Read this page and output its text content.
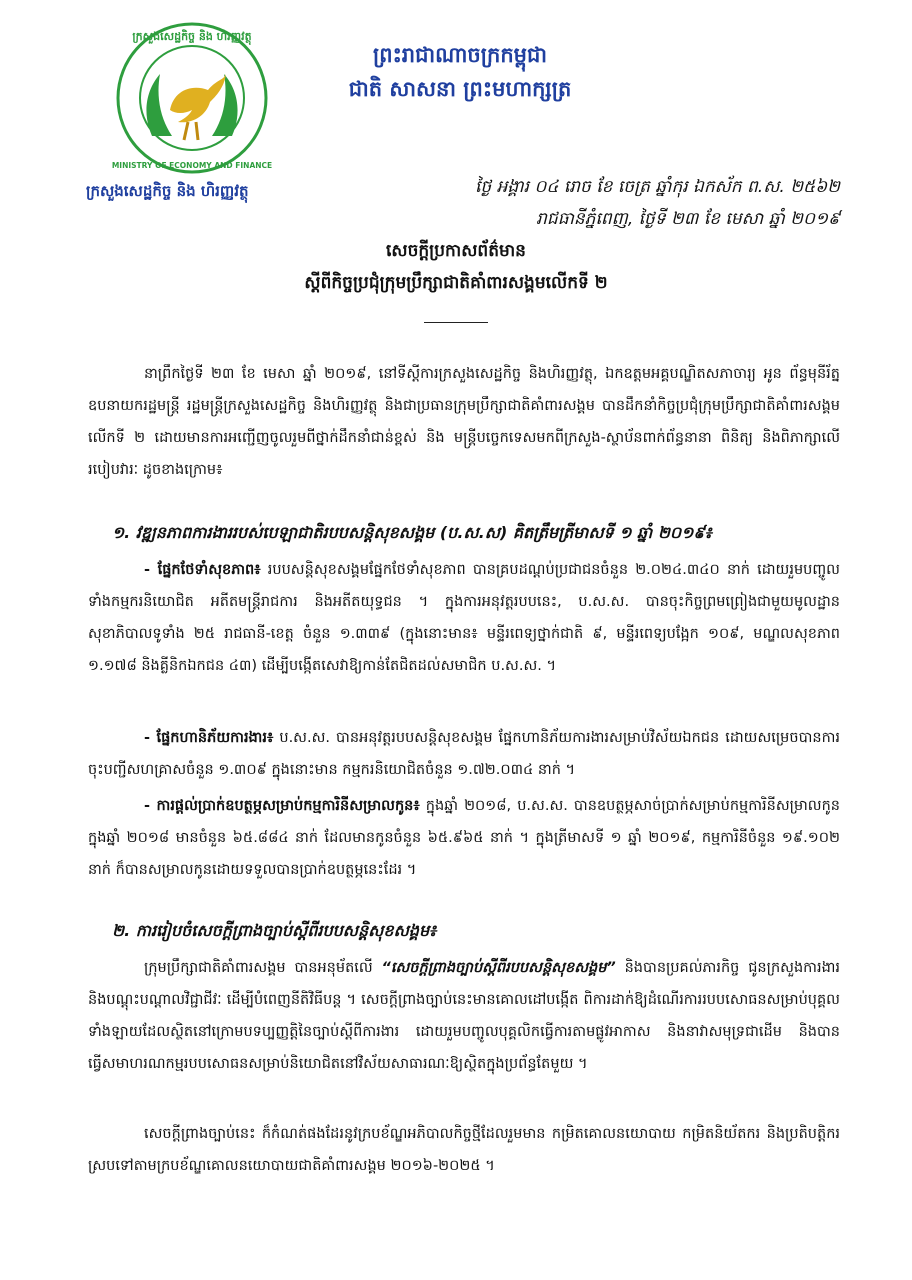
ក្រសួងសេដ្ឋកិច្ច និង ហិរញ្ញវត្ថុ
MINISTRY OF ECONOMY AND FINANCE
ព្រះរាជាណាចក្រកម្ពុជា
ជាតិ សាសនា ព្រះមហាក្សត្រ
ក្រសួងសេដ្ឋកិច្ច និង ហិរញ្ញវត្ថុ	ថ្ងៃ អង្គារ ០៤ រោច ខែ ចេត្រ ឆ្នាំកុរ ឯកស័ក ព.ស. ២៥៦២
រាជធានីភ្នំពេញ, ថ្ងៃទី ២៣ ខែ មេសា ឆ្នាំ ២០១៩
សេចក្តីប្រកាសព័ត៌មាន
ស្តីពីកិច្ចប្រជុំក្រុមប្រឹក្សាជាតិគាំពារសង្គមលើកទី ២

នាព្រឹកថ្ងៃទី ២៣ ខែ មេសា ឆ្នាំ ២០១៩, នៅទីស្តីការក្រសួងសេដ្ឋកិច្ច និងហិរញ្ញវត្ថុ, ឯកឧត្តមអគ្គបណ្ឌិតសភាចារ្យ អូន ព័ន្ធមុនីរ័ត្ន ឧបនាយករដ្ឋមន្ត្រី រដ្ឋមន្ត្រីក្រសួងសេដ្ឋកិច្ច និងហិរញ្ញវត្ថុ និងជាប្រធានក្រុមប្រឹក្សាជាតិគាំពារសង្គម បានដឹកនាំកិច្ចប្រជុំក្រុមប្រឹក្សាជាតិគាំពារសង្គមលើកទី ២ ដោយមានការអញ្ជើញចូលរួមពីថ្នាក់ដឹកនាំជាន់ខ្ពស់ និង មន្ត្រីបច្ចេកទេសមកពីក្រសួង-ស្ថាប័នពាក់ព័ន្ធនានា ពិនិត្យ និងពិភាក្សាលើរបៀបវារៈ ដូចខាងក្រោម៖

១. វឌ្ឍនភាពការងាររបស់បេឡាជាតិរបបសន្តិសុខសង្គម (ប.ស.ស) គិតត្រឹមត្រីមាសទី ១ ឆ្នាំ ២០១៩៖

- ផ្នែកថែទាំសុខភាព៖ របបសន្តិសុខសង្គមផ្នែកថែទាំសុខភាព បានគ្របដណ្តប់ប្រជាជនចំនួន ២.០២៤.៣៤០ នាក់ ដោយរួមបញ្ចូលទាំងកម្មករនិយោជិត អតីតមន្ត្រីរាជការ និងអតីតយុទ្ធជន ។ ក្នុងការអនុវត្តរបបនេះ, ប.ស.ស. បានចុះកិច្ចព្រមព្រៀងជាមួយមូលដ្ឋានសុខាភិបាលទូទាំង ២៥ រាជធានី-ខេត្ត ចំនួន ១.៣៣៩ (ក្នុងនោះមាន៖ មន្ទីរពេទ្យថ្នាក់ជាតិ ៩, មន្ទីរពេទ្យបង្អែក ១០៩, មណ្ឌលសុខភាព ១.១៧៨ និងគ្លីនិកឯកជន ៤៣) ដើម្បីបង្កើតសេវាឱ្យកាន់តែជិតដល់សមាជិក ប.ស.ស. ។

- ផ្នែកហានិភ័យការងារ៖ ប.ស.ស. បានអនុវត្តរបបសន្តិសុខសង្គម ផ្នែកហានិភ័យការងារសម្រាប់វិស័យឯកជន ដោយសម្រេចបានការចុះបញ្ជីសហគ្រាសចំនួន ១.៣០៩ ក្នុងនោះមាន កម្មករនិយោជិតចំនួន ១.៧២.០៣៤ នាក់ ។

- ការផ្តល់ប្រាក់ឧបត្ថម្ភសម្រាប់កម្មការិនីសម្រាលកូន៖ ក្នុងឆ្នាំ ២០១៨, ប.ស.ស. បានឧបត្ថម្ភសាច់ប្រាក់សម្រាប់កម្មការិនីសម្រាលកូនក្នុងឆ្នាំ ២០១៨ មានចំនួន ៦៥.៨៨៤ នាក់ ដែលមានកូនចំនួន ៦៥.៩៦៥ នាក់ ។ ក្នុងត្រីមាសទី ១ ឆ្នាំ ២០១៩, កម្មការិនីចំនួន ១៩.១០២ នាក់ ក៏បានសម្រាលកូនដោយទទួលបានប្រាក់ឧបត្ថម្ភនេះដែរ ។

២. ការរៀបចំសេចក្តីព្រាងច្បាប់ស្តីពីរបបសន្តិសុខសង្គម៖

ក្រុមប្រឹក្សាជាតិគាំពារសង្គម បានអនុម័តលើ “សេចក្តីព្រាងច្បាប់ស្តីពីរបបសន្តិសុខសង្គម” និងបានប្រគល់ភារកិច្ច ជូនក្រសួងការងារ និងបណ្តុះបណ្តាលវិជ្ជាជីវៈ ដើម្បីបំពេញនីតិវិធីបន្ត ។ សេចក្តីព្រាងច្បាប់នេះមានគោលដៅបង្កើត ពិការដាក់ឱ្យដំណើរការរបបសោធនសម្រាប់បុគ្គលទាំងឡាយដែលស្ថិតនៅក្រោមបទប្បញ្ញត្តិនៃច្បាប់ស្តីពីការងារ ដោយរួមបញ្ចូលបុគ្គលិកធ្វើការតាមផ្លូវអាកាស និងនាវាសមុទ្រជាដើម និងបានធ្វើសមាហរណកម្មរបបសោធនសម្រាប់និយោជិតនៅវិស័យសាធារណៈឱ្យស្ថិតក្នុងប្រព័ន្ធតែមួយ ។

សេចក្តីព្រាងច្បាប់នេះ ក៏កំណត់ផងដែរនូវក្របខ័ណ្ឌអភិបាលកិច្ចថ្មីដែលរួមមាន កម្រិតគោលនយោបាយ កម្រិតនិយ័តករ និងប្រតិបត្តិករស្របទៅតាមក្របខ័ណ្ឌគោលនយោបាយជាតិគាំពារសង្គម ២០១៦-២០២៥ ។
